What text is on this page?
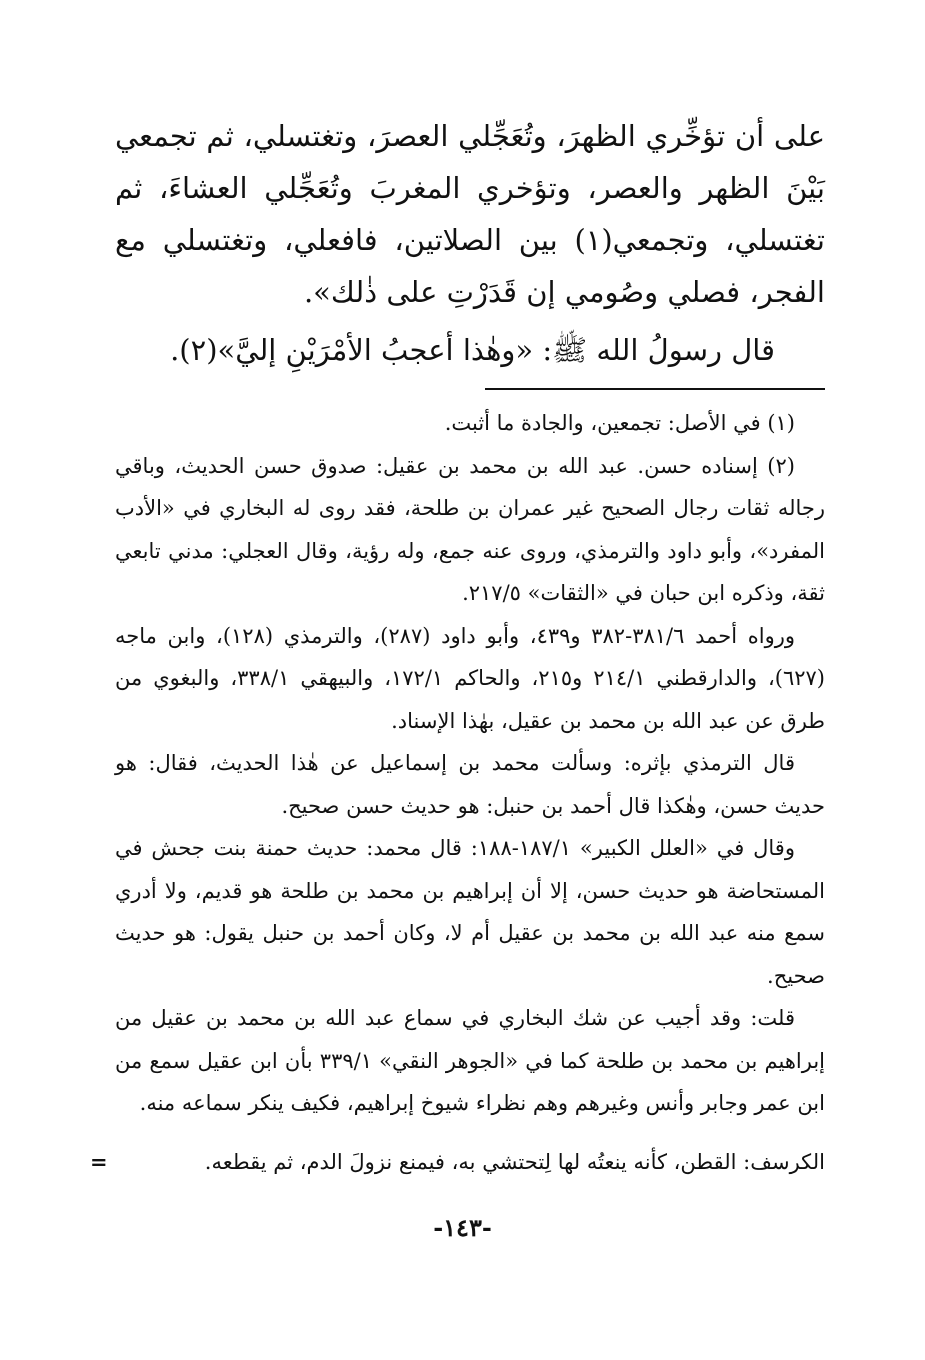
على أن تؤخِّري الظهرَ، وتُعَجِّلي العصرَ، وتغتسلي، ثم تجمعي بَيْنَ الظهر والعصر، وتؤخري المغربَ وتُعَجِّلي العشاءَ، ثم تغتسلي، وتجمعي(١) بين الصلاتين، فافعلي، وتغتسلي مع الفجر، فصلي وصُومي إن قَدَرْتِ على ذٰلك».

قال رسولُ الله ﷺ: «وهٰذا أعجبُ الأمْرَيْنِ إليَّ»(٢).

(١) في الأصل: تجمعين، والجادة ما أثبت.

(٢) إسناده حسن. عبد الله بن محمد بن عقيل: صدوق حسن الحديث، وباقي رجاله ثقات رجال الصحيح غير عمران بن طلحة، فقد روى له البخاري في «الأدب المفرد»، وأبو داود والترمذي، وروى عنه جمع، وله رؤية، وقال العجلي: مدني تابعي ثقة، وذكره ابن حبان في «الثقات» ٢١٧/٥.

ورواه أحمد ٣٨١/٦-٣٨٢ و٤٣٩، وأبو داود (٢٨٧)، والترمذي (١٢٨)، وابن ماجه (٦٢٧)، والدارقطني ٢١٤/١ و٢١٥، والحاكم ١٧٢/١، والبيهقي ٣٣٨/١، والبغوي من طرق عن عبد الله بن محمد بن عقيل، بهٰذا الإسناد.

قال الترمذي بإثره: وسألت محمد بن إسماعيل عن هٰذا الحديث، فقال: هو حديث حسن، وهٰكذا قال أحمد بن حنبل: هو حديث حسن صحيح.

وقال في «العلل الكبير» ١٨٧/١-١٨٨: قال محمد: حديث حمنة بنت جحش في المستحاضة هو حديث حسن، إلا أن إبراهيم بن محمد بن طلحة هو قديم، ولا أدري سمع منه عبد الله بن محمد بن عقيل أم لا، وكان أحمد بن حنبل يقول: هو حديث صحيح.

قلت: وقد أجيب عن شك البخاري في سماع عبد الله بن محمد بن عقيل من إبراهيم بن محمد بن طلحة كما في «الجوهر النقي» ٣٣٩/١ بأن ابن عقيل سمع من ابن عمر وجابر وأنس وغيرهم وهم نظراء شيوخ إبراهيم، فكيف ينكر سماعه منه.

الكرسف: القطن، كأنه ينعتُه لها لِتحتشي به، فيمنع نزولَ الدم، ثم يقطعه.
=
-١٤٣-
